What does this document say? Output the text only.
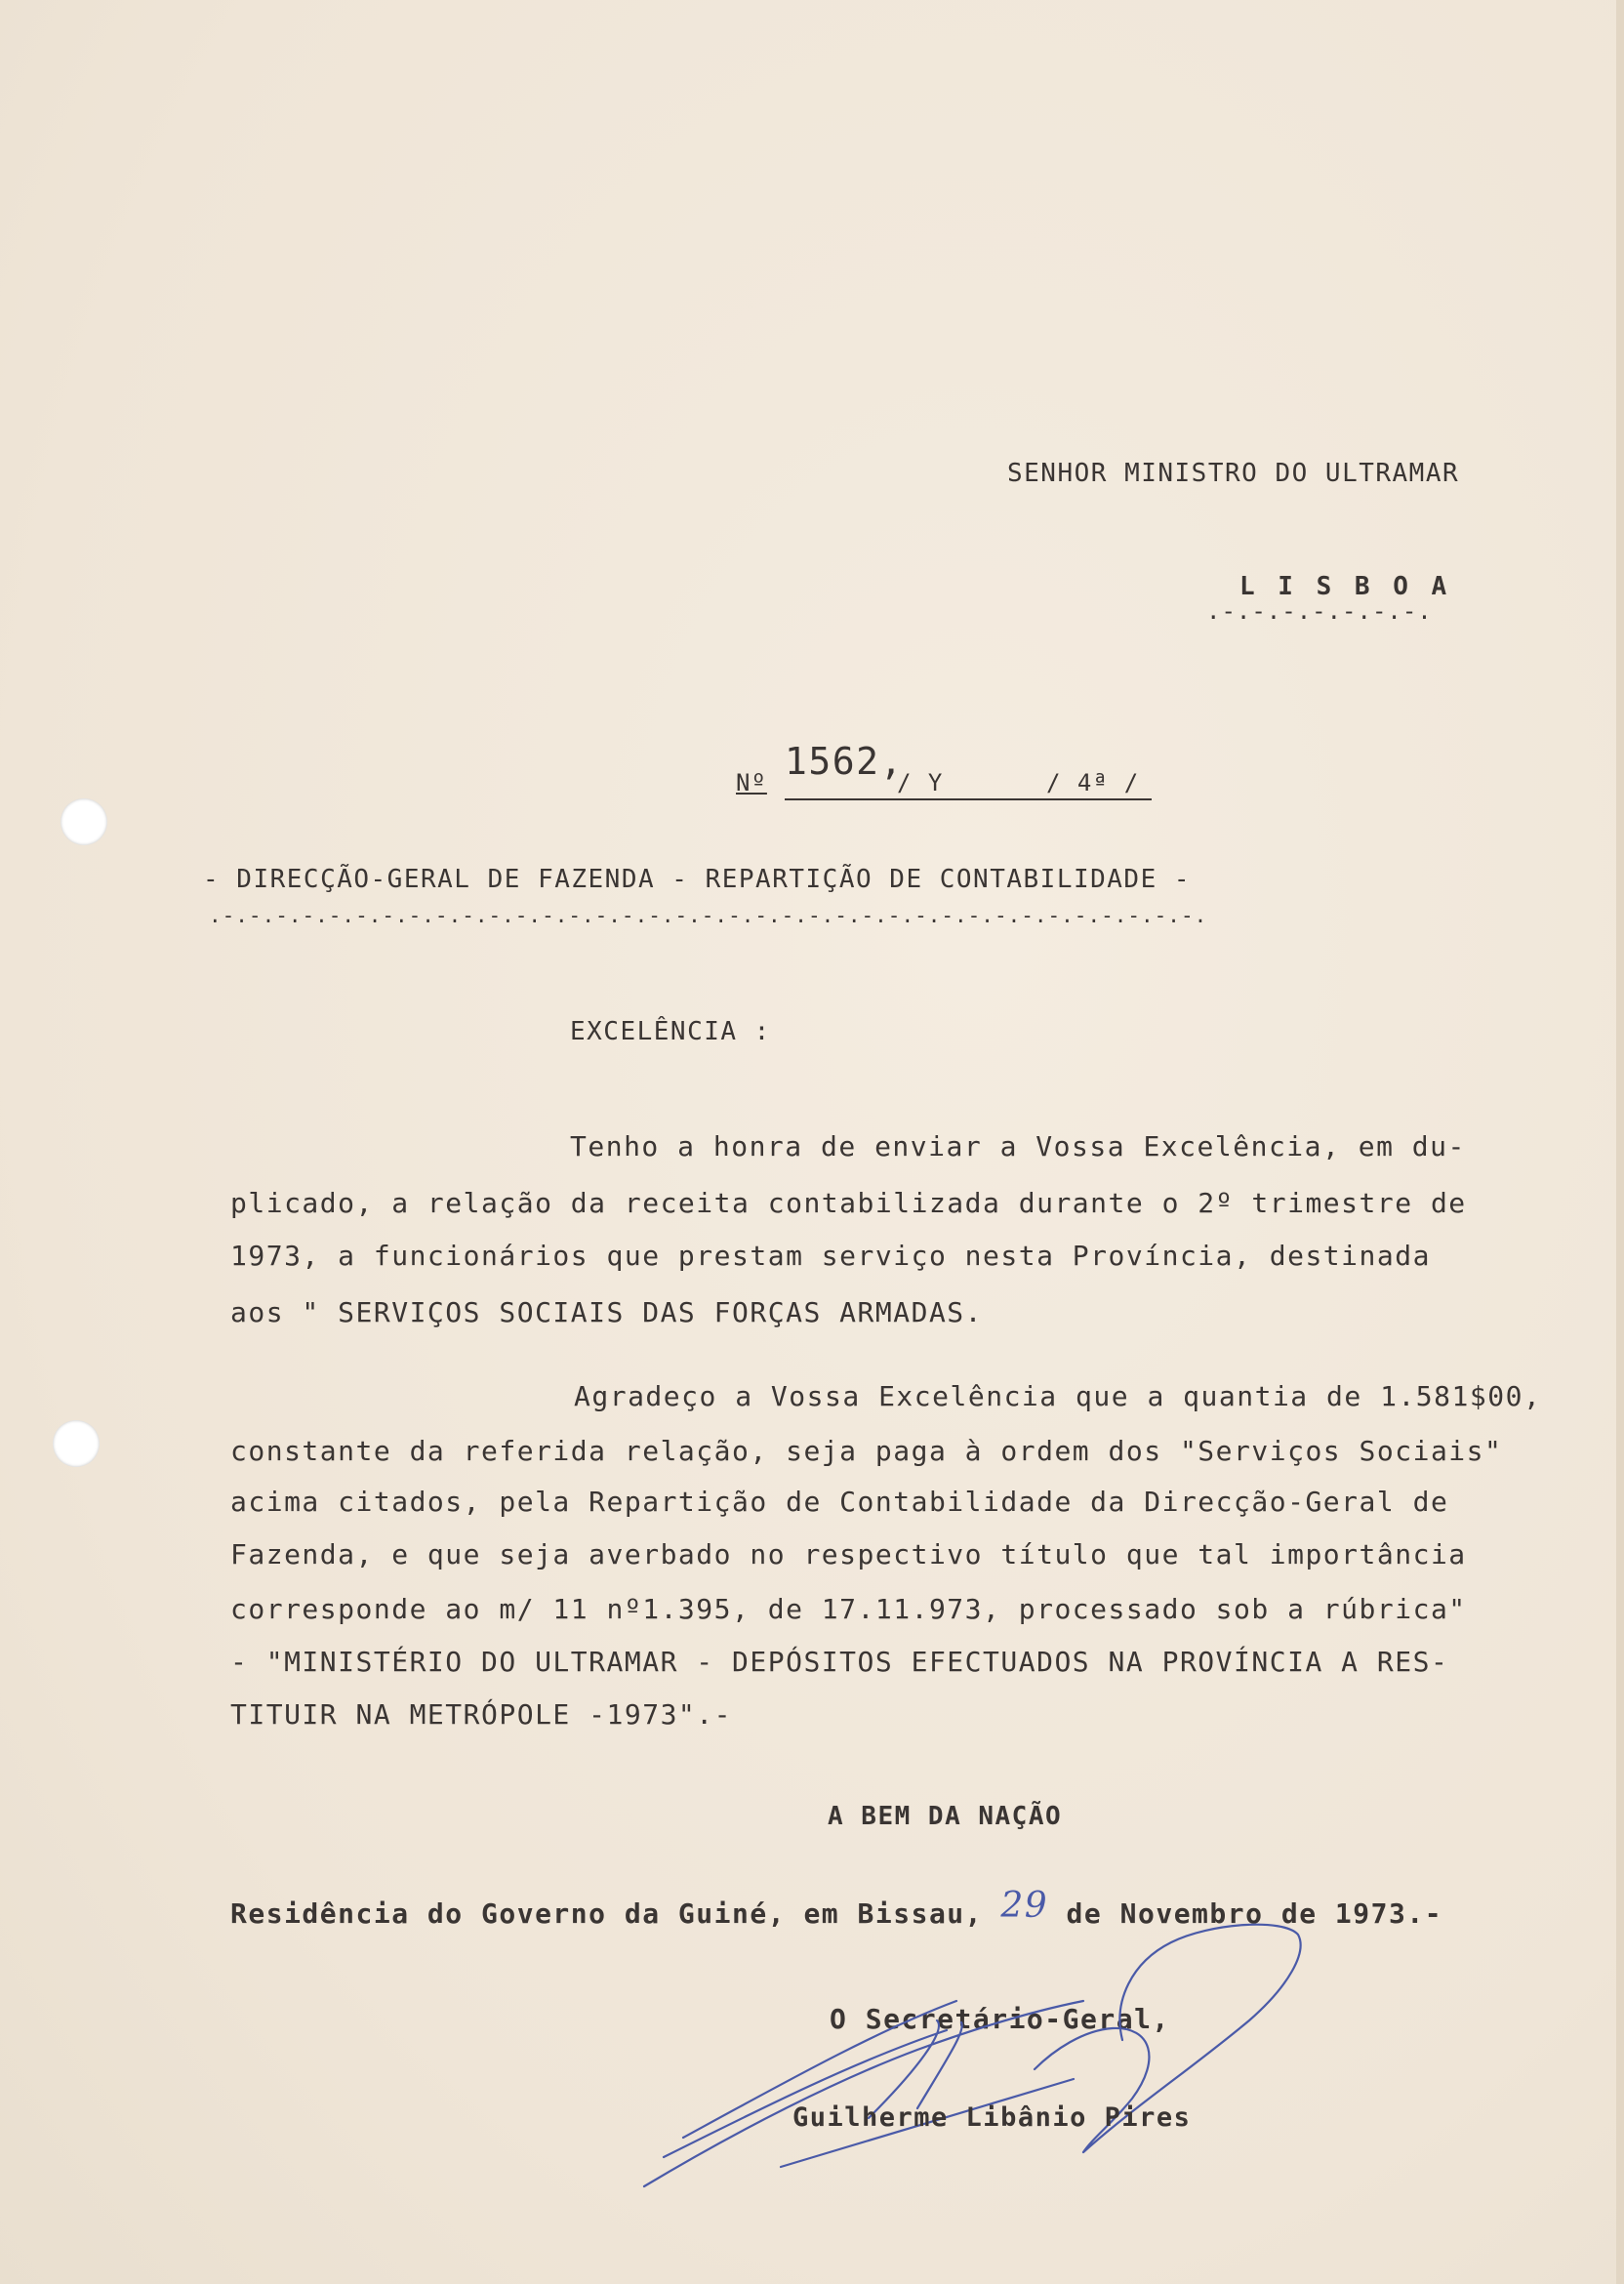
SENHOR MINISTRO DO ULTRAMAR
L I S B O A
.-.-.-.-.-.-.-.
Nº 1562,
/ Y	/ 4ª /
- DIRECÇÃO-GERAL DE FAZENDA - REPARTIÇÃO DE CONTABILIDADE -
.-.-.-.-.-.-.-.-.-.-.-.-.-.-.-.-.-.-.-.-.-.-.-.-.-.-.-.-.-.-.-.-.-.-.-.-.-.
EXCELÊNCIA :
Tenho a honra de enviar a Vossa Excelência, em du-
plicado, a relação da receita contabilizada durante o 2º trimestre de
1973, a funcionários que prestam serviço nesta Província, destinada
aos " SERVIÇOS SOCIAIS DAS FORÇAS ARMADAS.
Agradeço a Vossa Excelência que a quantia de 1.581$00,
constante da referida relação, seja paga à ordem dos "Serviços Sociais"
acima citados, pela Repartição de Contabilidade da Direcção-Geral de
Fazenda, e que seja averbado no respectivo título que tal importância
corresponde ao m/ 11 nº1.395, de 17.11.973, processado sob a rúbrica"
- "MINISTÉRIO DO ULTRAMAR - DEPÓSITOS EFECTUADOS NA PROVÍNCIA A RES-
TITUIR NA METRÓPOLE -1973".-
A BEM DA NAÇÃO
Residência do Governo da Guiné, em Bissau, 29 de Novembro de 1973.-
O Secretário-Geral,
Guilherme Libânio Pires
